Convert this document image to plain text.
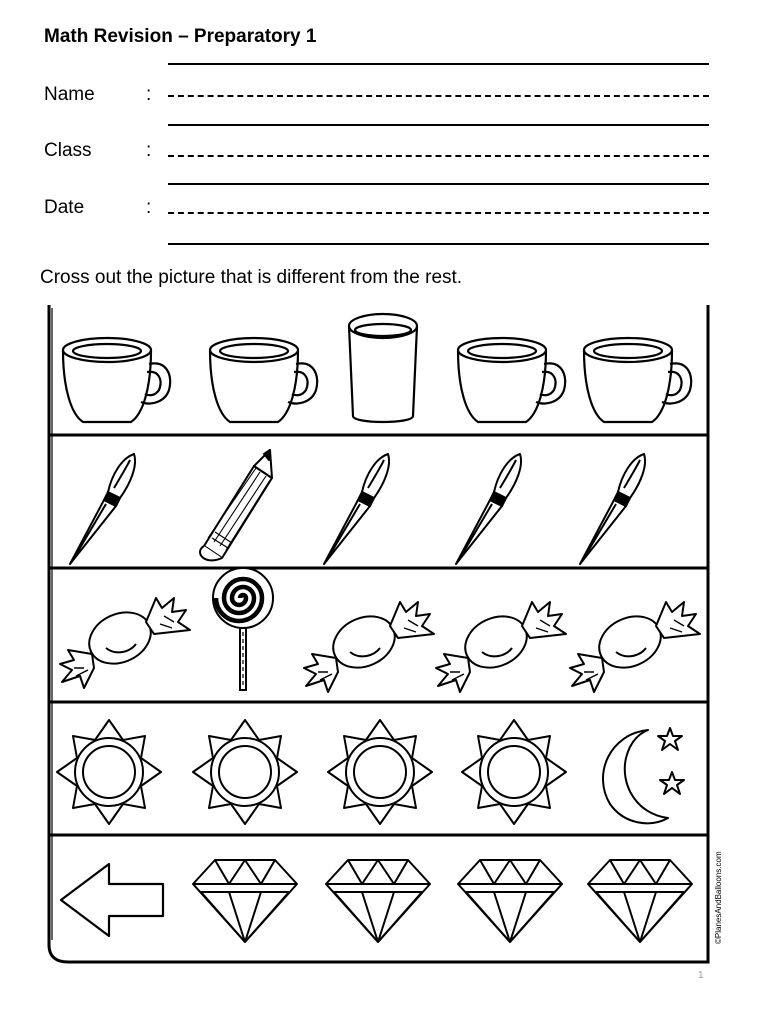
Math Revision – Preparatory 1
Name	:
Class	:
Date	:
Cross out the picture that is different from the rest.
©PlanesAndBalloons.com
1
